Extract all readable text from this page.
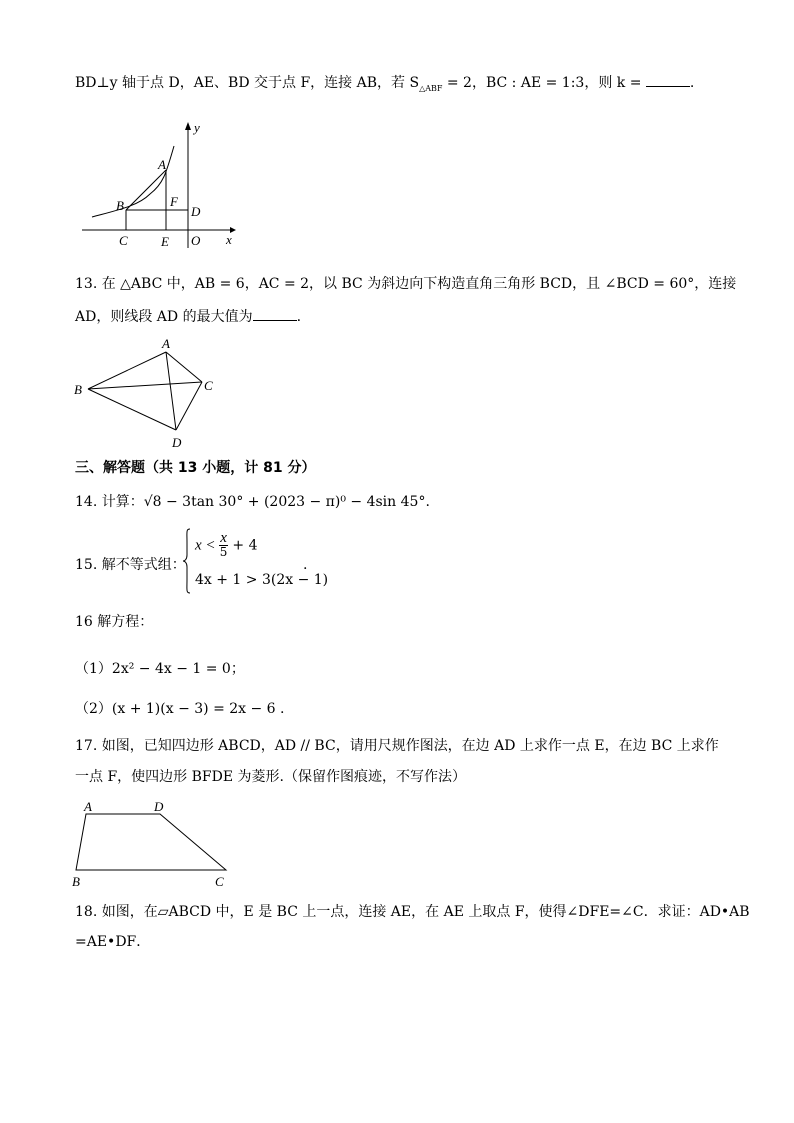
BD⊥y 轴于点 D，AE、BD 交于点 F，连接 AB，若 $S_{\triangle ABF} = 2$，BC : AE = 1:3，则 k =	.
A
B	F
D
C	E O x
y
13. 在 △ABC 中，AB = 6，AC = 2，以 BC 为斜边向下构造直角三角形 BCD，且 ∠BCD = 60°，连接
AD，则线段 AD 的最大值为	.
A
B	C
D
三、解答题（共 13 小题，计 81 分）
14. 计算：√8 − 3tan 30° + (2023 − π)⁰ − 4sin 45°.
15. 解不等式组：
$x < \frac{x}{5} + 4$
4x + 1 > 3(2x − 1)
.
16 解方程：
（1）2x² − 4x − 1 = 0；
（2）(x + 1)(x − 3) = 2x − 6 .
17. 如图，已知四边形 ABCD，AD // BC，请用尺规作图法，在边 AD 上求作一点 E，在边 BC 上求作
一点 F，使四边形 BFDE 为菱形.（保留作图痕迹，不写作法）
A	D
B	C
18. 如图，在▱ABCD 中，E 是 BC 上一点，连接 AE，在 AE 上取点 F，使得∠DFE=∠C．求证：AD•AB
=AE•DF．
